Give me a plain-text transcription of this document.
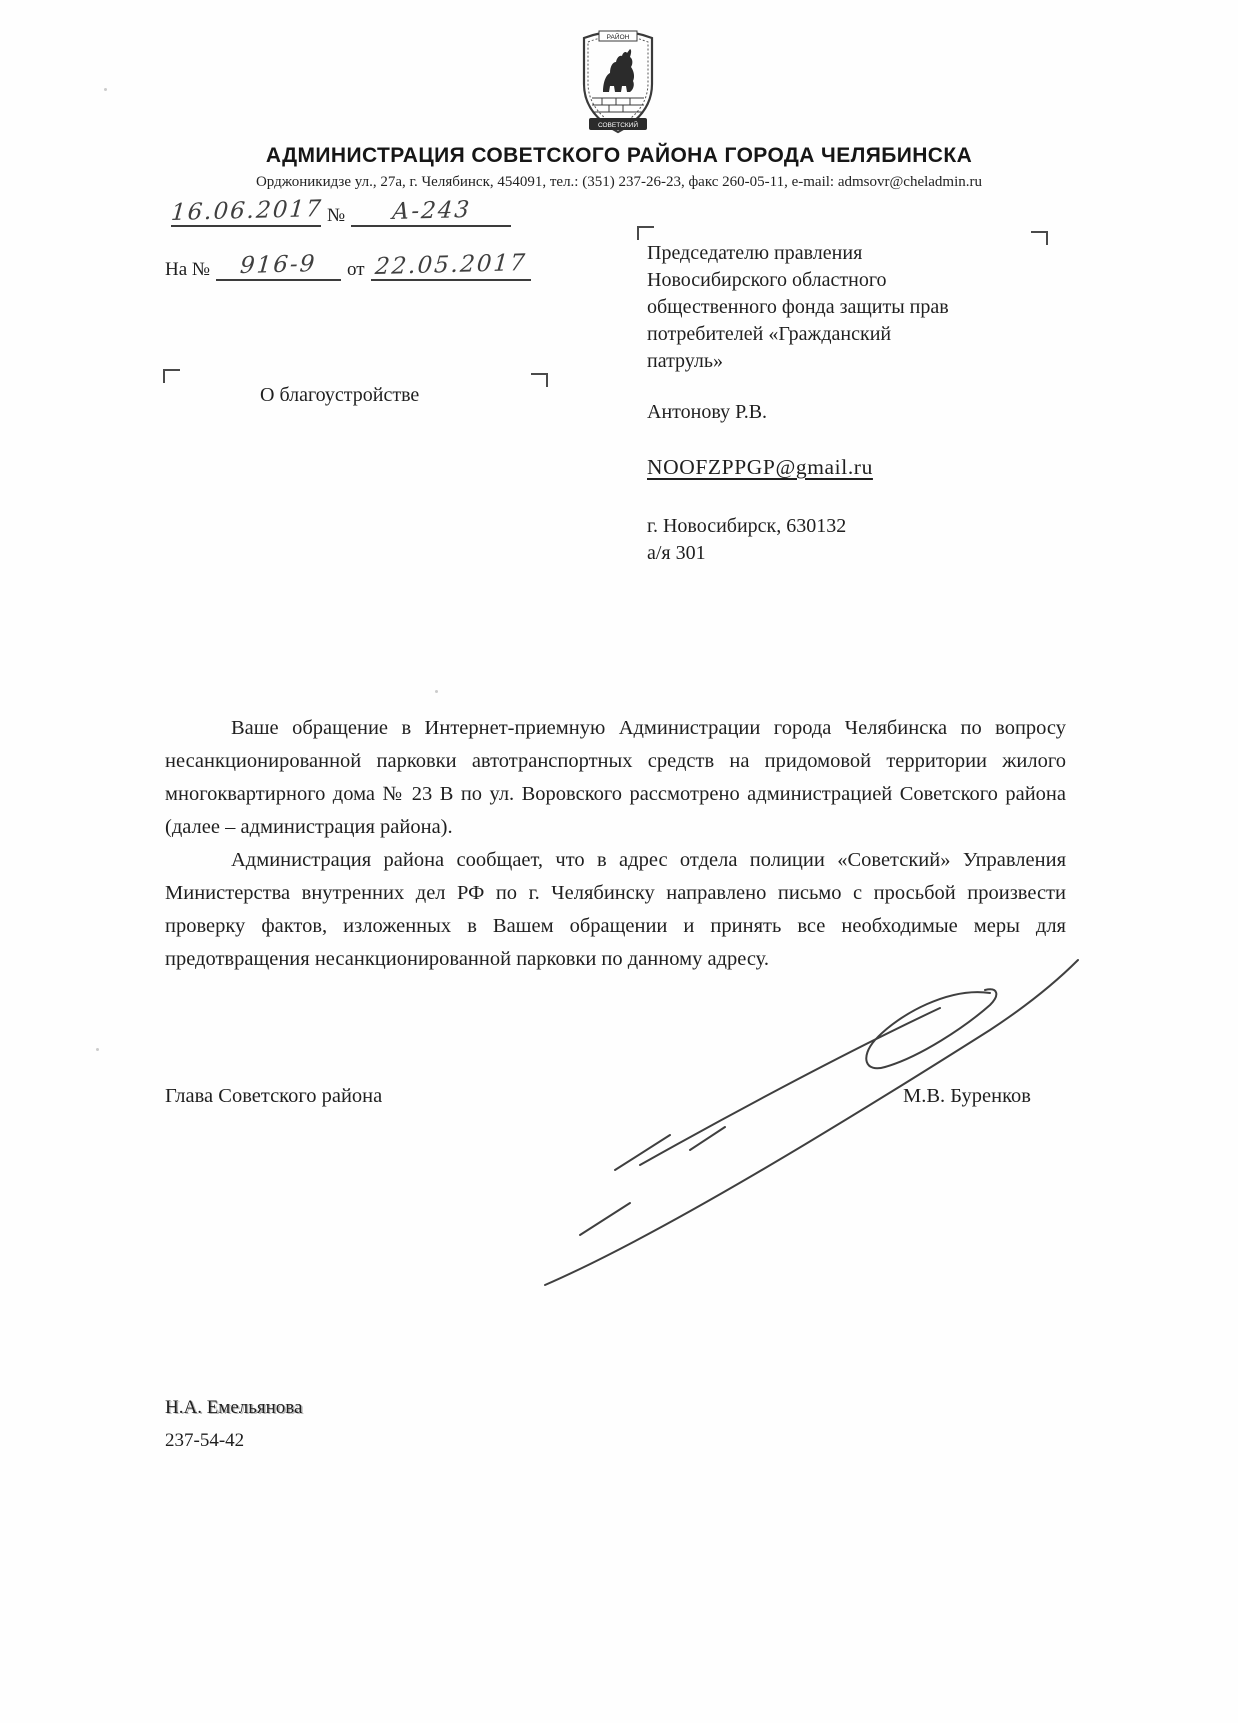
РАЙОН
СОВЕТСКИЙ
АДМИНИСТРАЦИЯ СОВЕТСКОГО РАЙОНА ГОРОДА ЧЕЛЯБИНСКА
Орджоникидзе ул., 27а, г. Челябинск, 454091, тел.: (351) 237-26-23, факс 260-05-11, e-mail: admsovr@cheladmin.ru
16.06.2017 № А-243
На № 916-9 от 22.05.2017	Председателю правления
Новосибирского областного
общественного фонда защиты прав
потребителей «Гражданский
патруль»
Антонову Р.В.
NOOFZPPGP@gmail.ru
г. Новосибирск, 630132
а/я 301
О благоустройстве

Ваше обращение в Интернет-приемную Администрации города Челябинска по вопросу несанкционированной парковки автотранспортных средств на придомовой территории жилого многоквартирного дома № 23 В по ул. Воровского рассмотрено администрацией Советского района (далее – администрация района).

Администрация района сообщает, что в адрес отдела полиции «Советский» Управления Министерства внутренних дел РФ по г. Челябинску направлено письмо с просьбой произвести проверку фактов, изложенных в Вашем обращении и принять все необходимые меры для предотвращения несанкционированной парковки по данному адресу.

Глава Советского района	М.В. Буренков
Н.А. Емельянова
237-54-42
